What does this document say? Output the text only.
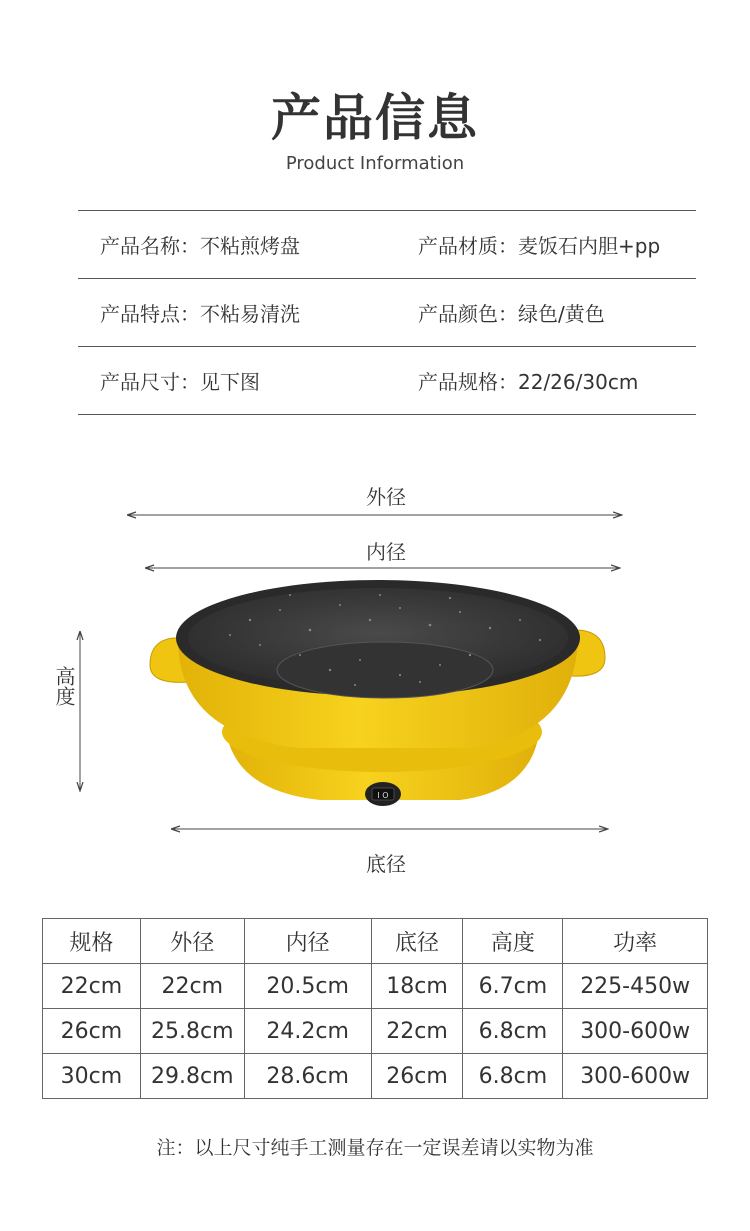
产品信息
Product Information
产品名称：不粘煎烤盘	产品材质：麦饭石内胆+pp
产品特点：不粘易清洗	产品颜色：绿色/黄色
产品尺寸：见下图	产品规格：22/26/30cm
I O
外径
内径
高度
底径
规格	外径	内径	底径	高度	功率
22cm	22cm	20.5cm	18cm	6.7cm	225-450w
26cm	25.8cm	24.2cm	22cm	6.8cm	300-600w
30cm	29.8cm	28.6cm	26cm	6.8cm	300-600w
注：以上尺寸纯手工测量存在一定误差请以实物为准
